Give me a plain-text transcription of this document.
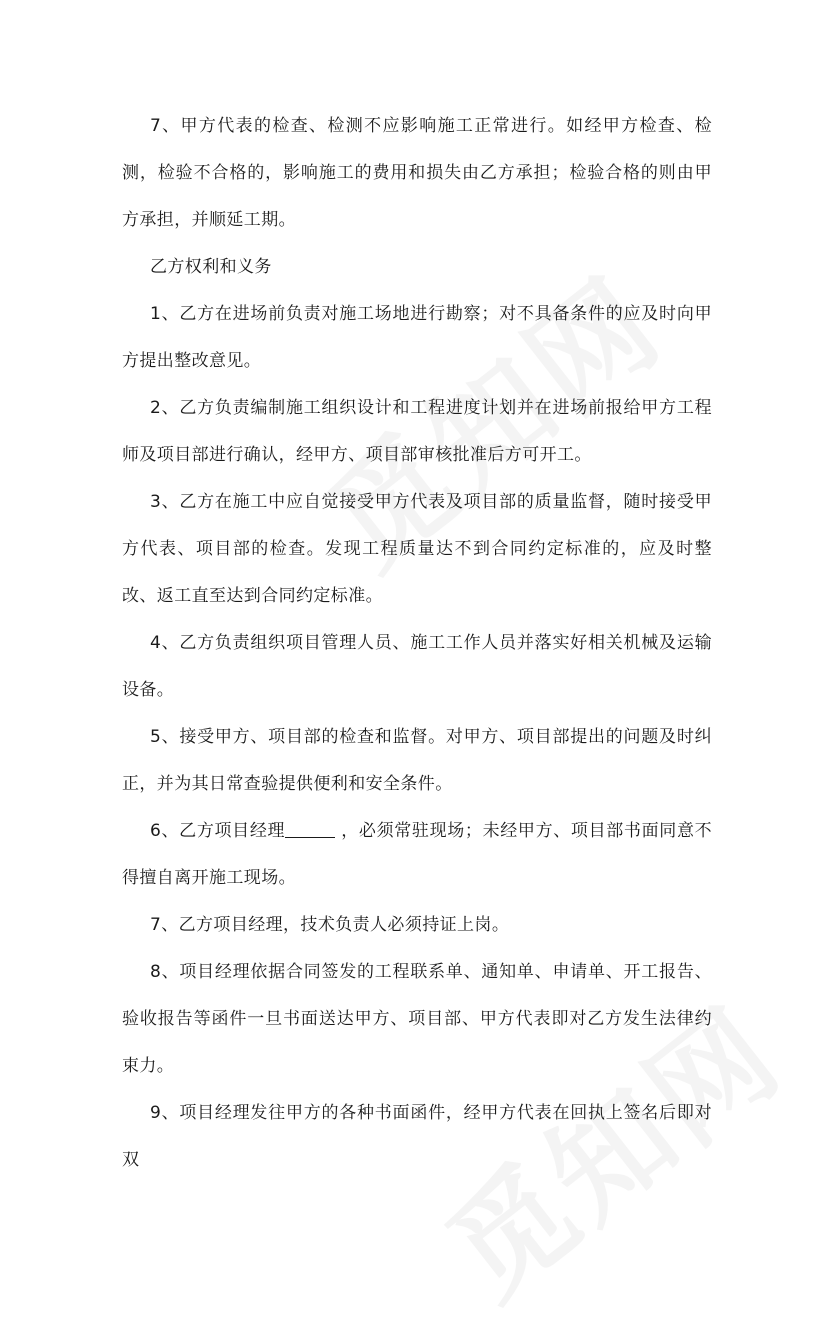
7、甲方代表的检查、检测不应影响施工正常进行。如经甲方检查、检测，检验不合格的，影响施工的费用和损失由乙方承担；检验合格的则由甲方承担，并顺延工期。

乙方权利和义务

1、乙方在进场前负责对施工场地进行勘察；对不具备条件的应及时向甲方提出整改意见。

2、乙方负责编制施工组织设计和工程进度计划并在进场前报给甲方工程师及项目部进行确认，经甲方、项目部审核批准后方可开工。

3、乙方在施工中应自觉接受甲方代表及项目部的质量监督，随时接受甲方代表、项目部的检查。发现工程质量达不到合同约定标准的，应及时整改、返工直至达到合同约定标准。

4、乙方负责组织项目管理人员、施工工作人员并落实好相关机械及运输设备。

5、接受甲方、项目部的检查和监督。对甲方、项目部提出的问题及时纠正，并为其日常查验提供便利和安全条件。

6、乙方项目经理	，必须常驻现场；未经甲方、项目部书面同意不得擅自离开施工现场。

7、乙方项目经理，技术负责人必须持证上岗。

8、项目经理依据合同签发的工程联系单、通知单、申请单、开工报告、验收报告等函件一旦书面送达甲方、项目部、甲方代表即对乙方发生法律约束力。

9、项目经理发往甲方的各种书面函件，经甲方代表在回执上签名后即对双
